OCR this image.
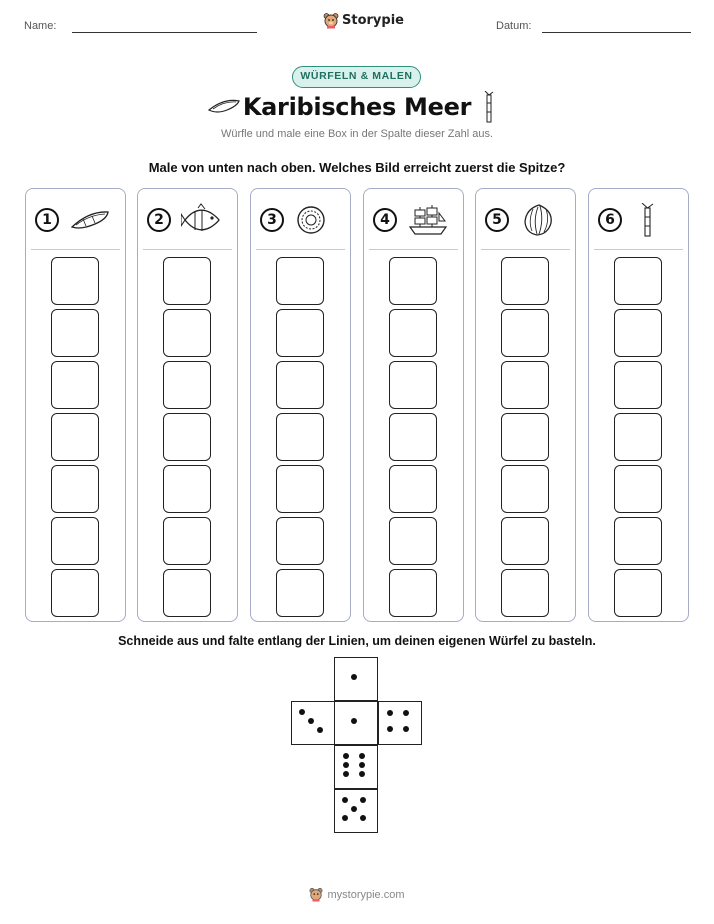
Name:	Storypie	Datum:
WÜRFELN & MALEN
Karibisches Meer
Würfle und male eine Box in der Spalte dieser Zahl aus.
Male von unten nach oben. Welches Bild erreicht zuerst die Spitze?
1	2	3	4	5	6
Schneide aus und falte entlang der Linien, um deinen eigenen Würfel zu basteln.
mystorypie.com
